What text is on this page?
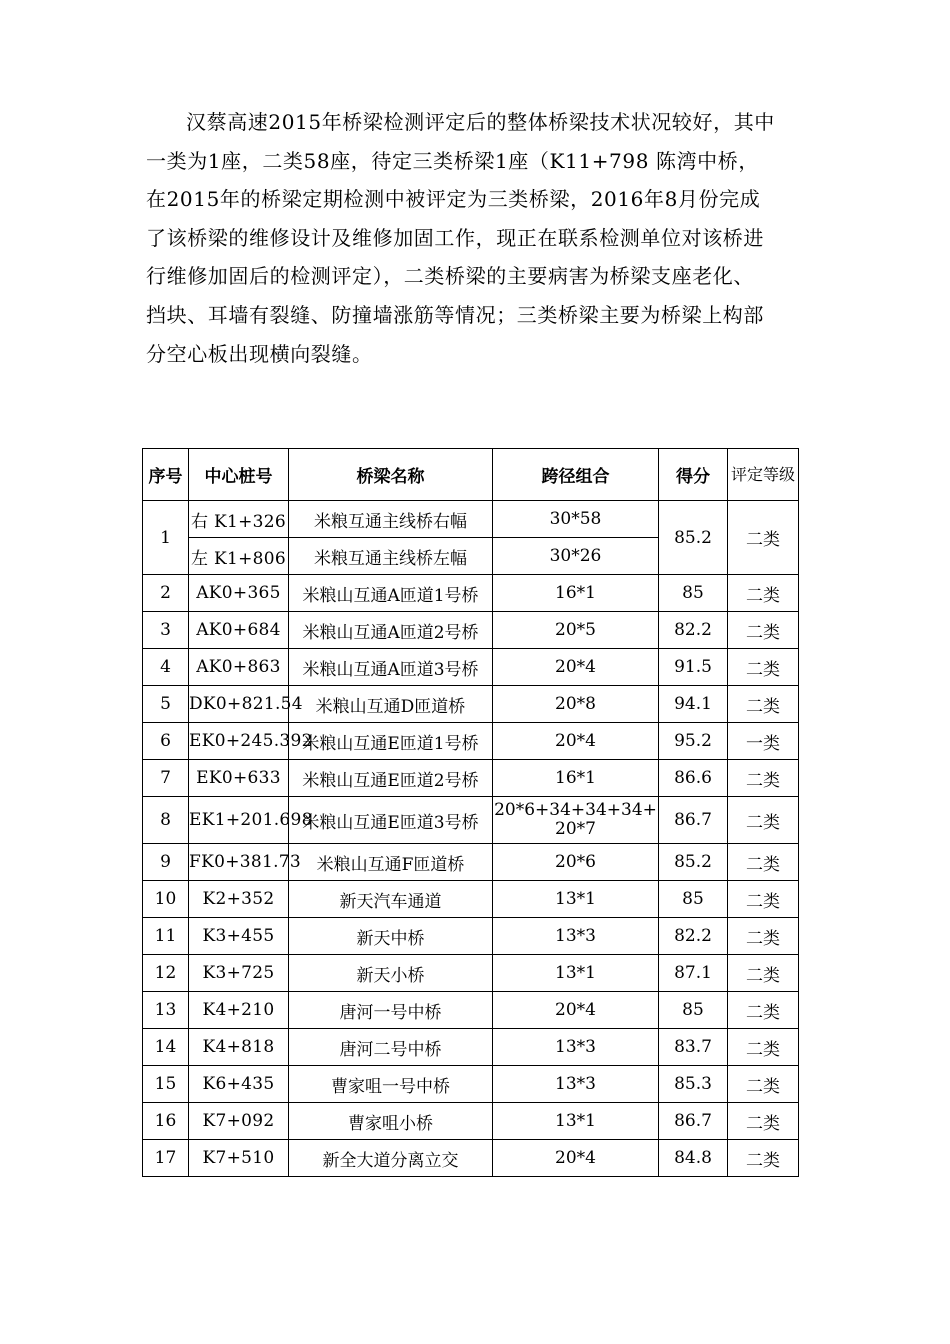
汉蔡高速2015年桥梁检测评定后的整体桥梁技术状况较好，其中
一类为1座，二类58座，待定三类桥梁1座（K11+798 陈湾中桥，
在2015年的桥梁定期检测中被评定为三类桥梁，2016年8月份完成
了该桥梁的维修设计及维修加固工作，现正在联系检测单位对该桥进
行维修加固后的检测评定），二类桥梁的主要病害为桥梁支座老化、
挡块、耳墙有裂缝、防撞墙涨筋等情况；三类桥梁主要为桥梁上构部
分空心板出现横向裂缝。
序号	中心桩号	桥梁名称	跨径组合	得分	评定等级
1	右 K1+326	米粮互通主线桥右幅	30*58	85.2	二类
	左 K1+806	米粮互通主线桥左幅	30*26		
2	AK0+365	米粮山互通A匝道1号桥	16*1	85	二类
3	AK0+684	米粮山互通A匝道2号桥	20*5	82.2	二类
4	AK0+863	米粮山互通A匝道3号桥	20*4	91.5	二类
5	DK0+821.54	米粮山互通D匝道桥	20*8	94.1	二类
6	EK0+245.392	米粮山互通E匝道1号桥	20*4	95.2	一类
7	EK0+633	米粮山互通E匝道2号桥	16*1	86.6	二类
8	EK1+201.698	米粮山互通E匝道3号桥	20*6+34+34+34+20*7	86.7	二类
9	FK0+381.73	米粮山互通F匝道桥	20*6	85.2	二类
10	K2+352	新天汽车通道	13*1	85	二类
11	K3+455	新天中桥	13*3	82.2	二类
12	K3+725	新天小桥	13*1	87.1	二类
13	K4+210	唐河一号中桥	20*4	85	二类
14	K4+818	唐河二号中桥	13*3	83.7	二类
15	K6+435	曹家咀一号中桥	13*3	85.3	二类
16	K7+092	曹家咀小桥	13*1	86.7	二类
17	K7+510	新全大道分离立交	20*4	84.8	二类
